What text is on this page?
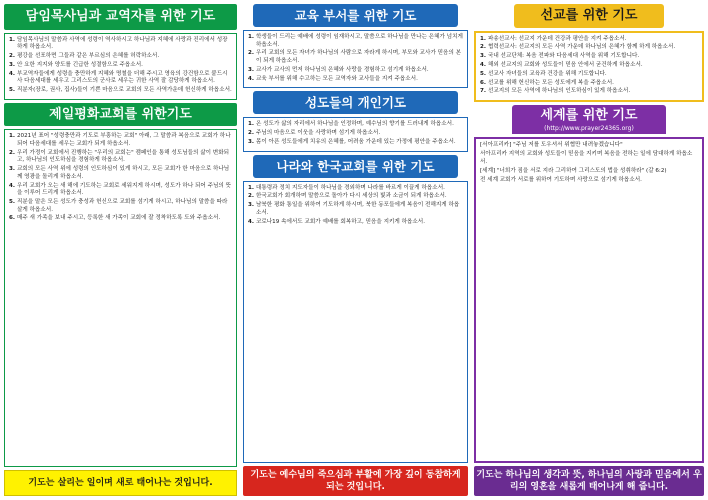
담임목사님과 교역자를 위한 기도
1. 담임목사님의 말씀과 사역에 성령이 역사하시고 하나님과 지혜에 사랑과 진리에서 성장하게 하옵소서.
2. 평강을 선포하면 그들과 같은 부르심의 은혜를 허락하소서.
3. 안 요한 지지와 양도를 긴급한 성결함으로 주옵소서.
4. 부교역자들에게 성령을 충만하게 지혜와 명철을 더해 주시고 영육의 강건함으로 붙드시사 다음세대를 세우고 그리스도의 군사로 세우는 귀한 사역 잘 감당하게 하옵소서.
5. 직분자(장로, 권사, 집사)들이 기쁜 마음으로 교회의 모든 사역가운데 헌신하게 하옵소서.
제일평화교회를 위한기도
1. 2021년 표어 "성령충만과 기도로 부흥하는 교회" 아래, 그 말씀과 복음으로 교회가 하나 되어 다음세대를 세우는 교회가 되게 하옵소서.
2. 우리 가정이 교회에서 진행하는 "우리의 교회는" 캠페인을 통해 성도님들의 삶이 변화되고, 하나님의 인도하심을 경험하게 하옵소서.
3. 교회의 모든 사역 위에 성령의 인도하심이 있게 하시고, 모든 교회가 한 마음으로 하나님께 영광을 돌리게 하옵소서.
4. 우리 교회가 오는 새 해에 기도하는 교회로 세워지게 하시며, 성도가 하나 되어 주님의 뜻을 이루어 드리게 하옵소서.
5. 직분을 맡은 모든 성도가 충성과 헌신으로 교회를 섬기게 하시고, 하나님의 말씀을 따라 살게 하옵소서.
6. 매주 새 가족을 보내 주시고, 등록한 새 가족이 교회에 잘 정착하도록 도와 주옵소서.
기도는 살리는 일이며 새로 태어나는 것입니다.
교육 부서를 위한 기도
1. 학생들이 드리는 예배에 성령이 임재하시고, 말씀으로 하나님을 만나는 은혜가 넘치게 하옵소서.
2. 우리 교회의 모든 자녀가 하나님의 사람으로 자라게 하시며, 부모와 교사가 믿음의 본이 되게 하옵소서.
3. 교사가 교사의 먼저 하나님의 은혜와 사랑을 경험하고 섬기게 하옵소서.
4. 교육 부서를 위해 수고하는 모든 교역자와 교사들을 지켜 주옵소서.
성도들의 개인기도
1. 온 성도가 삶의 자리에서 하나님을 인정하며, 예수님의 향기를 드러내게 하옵소서.
2. 주님의 마음으로 이웃을 사랑하며 섬기게 하옵소서.
3. 몸이 아픈 성도들에게 치유의 은혜를, 어려움 가운데 있는 가정에 평안을 주옵소서.
나라와 한국교회를 위한 기도
1. 대통령과 정치 지도자들이 하나님을 경외하며 나라를 바르게 이끌게 하옵소서.
2. 한국교회가 회개하며 말씀으로 돌아가 다시 세상의 빛과 소금이 되게 하옵소서.
3. 남북한 평화 통일을 위하여 기도하게 하시며, 북한 동포들에게 복음이 전해지게 하옵소서.
4. 코로나19 속에서도 교회가 예배를 회복하고, 믿음을 지키게 하옵소서.
기도는 예수님의 죽으심과 부활에 가장 깊이 동참하게 되는 것입니다.
선교를 위한 기도
1. 파송선교사: 선교지 가운데 건강과 평안을 지켜 주옵소서.
2. 협력선교사: 선교지의 모든 사역 가운데 하나님의 은혜가 함께 하게 하옵소서.
3. 국내 선교단체: 복음 전파와 다음세대 사역을 위해 기도합니다.
4. 해외 선교지의 교회와 성도들이 믿음 안에서 굳건하게 하옵소서.
5. 선교사 자녀들의 교육과 건강을 위해 기도합니다.
6. 선교를 위해 헌신하는 모든 성도에게 복을 주옵소서.
7. 선교지의 모든 사역에 하나님의 인도하심이 있게 하옵소서.
세계를 위한 기도
(http://www.prayer24365.org)

[서아프리카] "주님 저를 도우셔서 위협만 내려놓겠습니다"

서아프리카 지역의 교회와 성도들이 믿음을 지키며 복음을 전하는 일에 담대하게 하옵소서.

[세계] "너희가 짐을 서로 지라 그리하여 그리스도의 법을 성취하라" (갈 6:2)

전 세계 교회가 서로를 위하여 기도하며 사랑으로 섬기게 하옵소서.

기도는 하나님의 생각과 뜻, 하나님의 사랑과 믿음에서 우리의 영혼을 새롭게 태어나게 해 줍니다.
